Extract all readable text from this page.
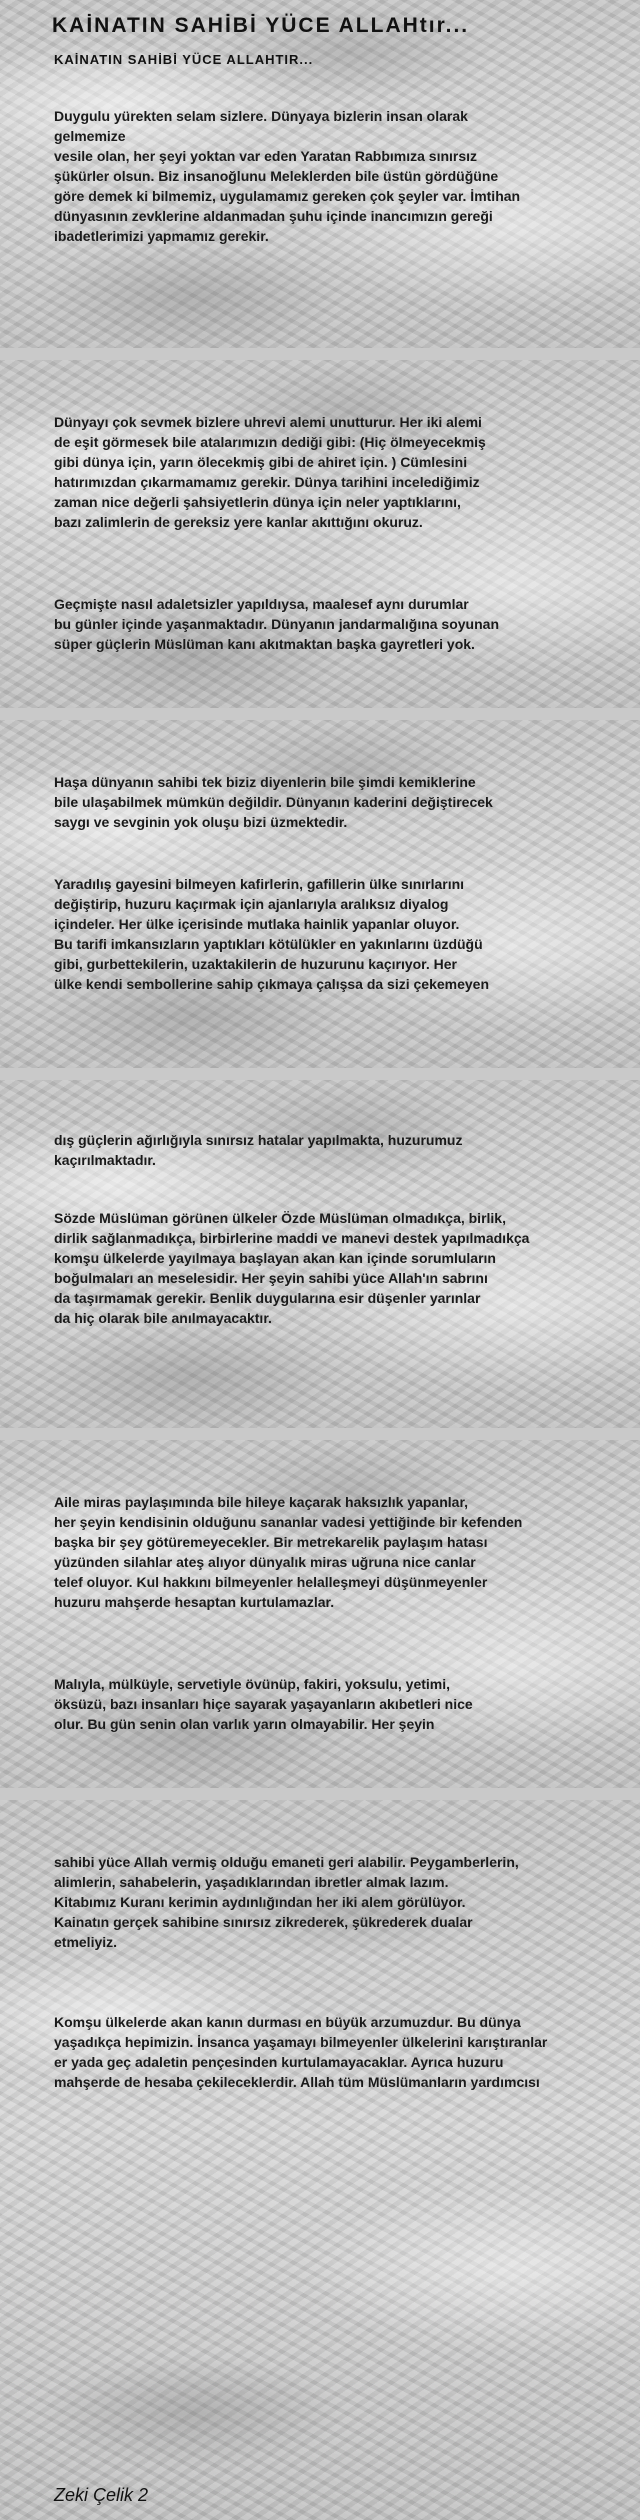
KAİNATIN SAHİBİ YÜCE ALLAHtır...
KAİNATIN SAHİBİ YÜCE ALLAHTIR...

Duygulu yürekten selam sizlere. Dünyaya bizlerin insan olarak
gelmemize
vesile olan, her şeyi yoktan var eden Yaratan Rabbımıza sınırsız
şükürler olsun. Biz insanoğlunu Meleklerden bile üstün gördüğüne
göre demek ki bilmemiz, uygulamamız gereken çok şeyler var. İmtihan
dünyasının zevklerine aldanmadan şuhu içinde inancımızın gereği
ibadetlerimizi yapmamız gerekir.

Dünyayı çok sevmek bizlere uhrevi alemi unutturur. Her iki alemi
de eşit görmesek bile atalarımızın dediği gibi: (Hiç ölmeyecekmiş
gibi dünya için, yarın ölecekmiş gibi de ahiret için. ) Cümlesini
hatırımızdan çıkarmamamız gerekir. Dünya tarihini incelediğimiz
zaman nice değerli şahsiyetlerin dünya için neler yaptıklarını,
bazı zalimlerin de gereksiz yere kanlar akıttığını okuruz.

Geçmişte nasıl adaletsizler yapıldıysa, maalesef aynı durumlar
bu günler içinde yaşanmaktadır. Dünyanın jandarmalığına soyunan
süper güçlerin Müslüman kanı akıtmaktan başka gayretleri yok.

Haşa dünyanın sahibi tek biziz diyenlerin bile şimdi kemiklerine
bile ulaşabilmek mümkün değildir. Dünyanın kaderini değiştirecek
saygı ve sevginin yok oluşu bizi üzmektedir.

Yaradılış gayesini bilmeyen kafirlerin, gafillerin ülke sınırlarını
değiştirip, huzuru kaçırmak için ajanlarıyla aralıksız diyalog
içindeler. Her ülke içerisinde mutlaka hainlik yapanlar oluyor.
Bu tarifi imkansızların yaptıkları kötülükler en yakınlarını üzdüğü
gibi, gurbettekilerin, uzaktakilerin de huzurunu kaçırıyor. Her
ülke kendi sembollerine sahip çıkmaya çalışsa da sizi çekemeyen

dış güçlerin ağırlığıyla sınırsız hatalar yapılmakta, huzurumuz
kaçırılmaktadır.

Sözde Müslüman görünen ülkeler Özde Müslüman olmadıkça, birlik,
dirlik sağlanmadıkça, birbirlerine maddi ve manevi destek yapılmadıkça
komşu ülkelerde yayılmaya başlayan akan kan içinde sorumluların
boğulmaları an meselesidir. Her şeyin sahibi yüce Allah'ın sabrını
da taşırmamak gerekir. Benlik duygularına esir düşenler yarınlar
da hiç olarak bile anılmayacaktır.

Aile miras paylaşımında bile hileye kaçarak haksızlık yapanlar,
her şeyin kendisinin olduğunu sananlar vadesi yettiğinde bir kefenden
başka bir şey götüremeyecekler. Bir metrekarelik paylaşım hatası
yüzünden silahlar ateş alıyor dünyalık miras uğruna nice canlar
telef oluyor. Kul hakkını bilmeyenler helalleşmeyi düşünmeyenler
huzuru mahşerde hesaptan kurtulamazlar.

Malıyla, mülküyle, servetiyle övünüp, fakiri, yoksulu, yetimi,
öksüzü, bazı insanları hiçe sayarak yaşayanların akıbetleri nice
olur. Bu gün senin olan varlık yarın olmayabilir. Her şeyin

sahibi yüce Allah vermiş olduğu emaneti geri alabilir. Peygamberlerin,
alimlerin, sahabelerin, yaşadıklarından ibretler almak lazım.
Kitabımız Kuranı kerimin aydınlığından her iki alem görülüyor.
Kainatın gerçek sahibine sınırsız zikrederek, şükrederek dualar
etmeliyiz.

Komşu ülkelerde akan kanın durması en büyük arzumuzdur. Bu dünya
yaşadıkça hepimizin. İnsanca yaşamayı bilmeyenler ülkelerini karıştıranlar
er yada geç adaletin pençesinden kurtulamayacaklar. Ayrıca huzuru
mahşerde de hesaba çekileceklerdir. Allah tüm Müslümanların yardımcısı

Zeki Çelik 2
